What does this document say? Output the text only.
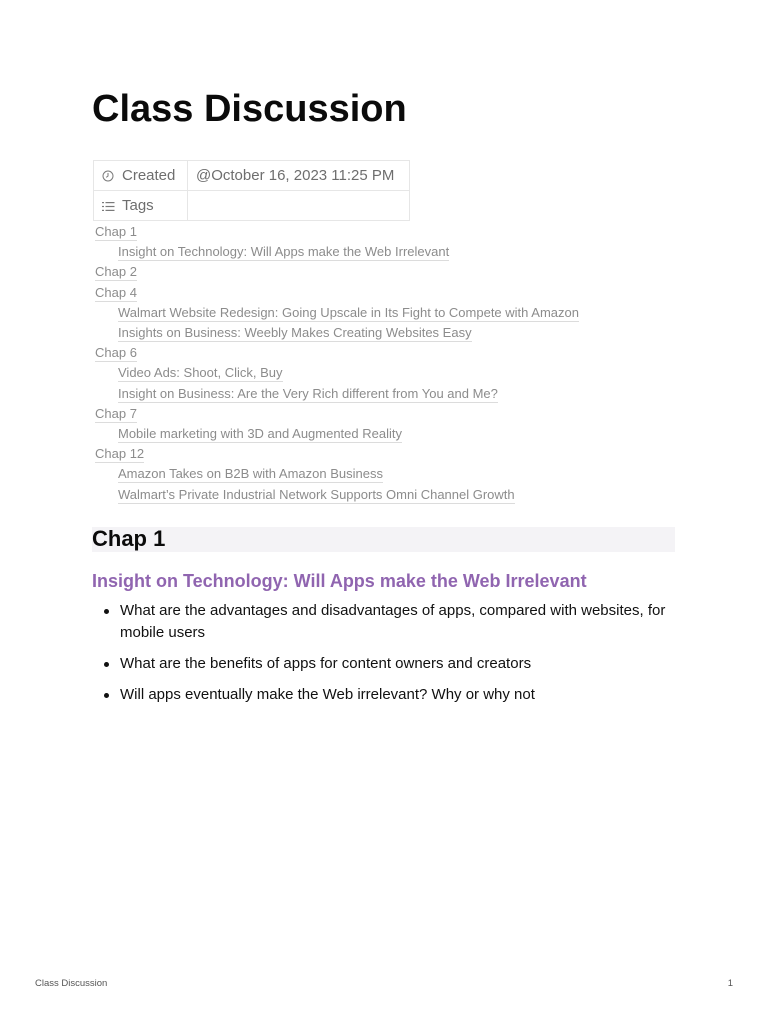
Class Discussion
Created	@October 16, 2023 11:25 PM

Tags	
Chap 1
Insight on Technology: Will Apps make the Web Irrelevant
Chap 2
Chap 4
Walmart Website Redesign: Going Upscale in Its Fight to Compete with Amazon
Insights on Business: Weebly Makes Creating Websites Easy
Chap 6
Video Ads: Shoot, Click, Buy
Insight on Business: Are the Very Rich different from You and Me?
Chap 7
Mobile marketing with 3D and Augmented Reality
Chap 12
Amazon Takes on B2B with Amazon Business
Walmart’s Private Industrial Network Supports Omni Channel Growth
Chap 1
Insight on Technology: Will Apps make the Web Irrelevant
What are the advantages and disadvantages of apps, compared with websites, for mobile users
What are the benefits of apps for content owners and creators
Will apps eventually make the Web irrelevant? Why or why not
Class Discussion	1
